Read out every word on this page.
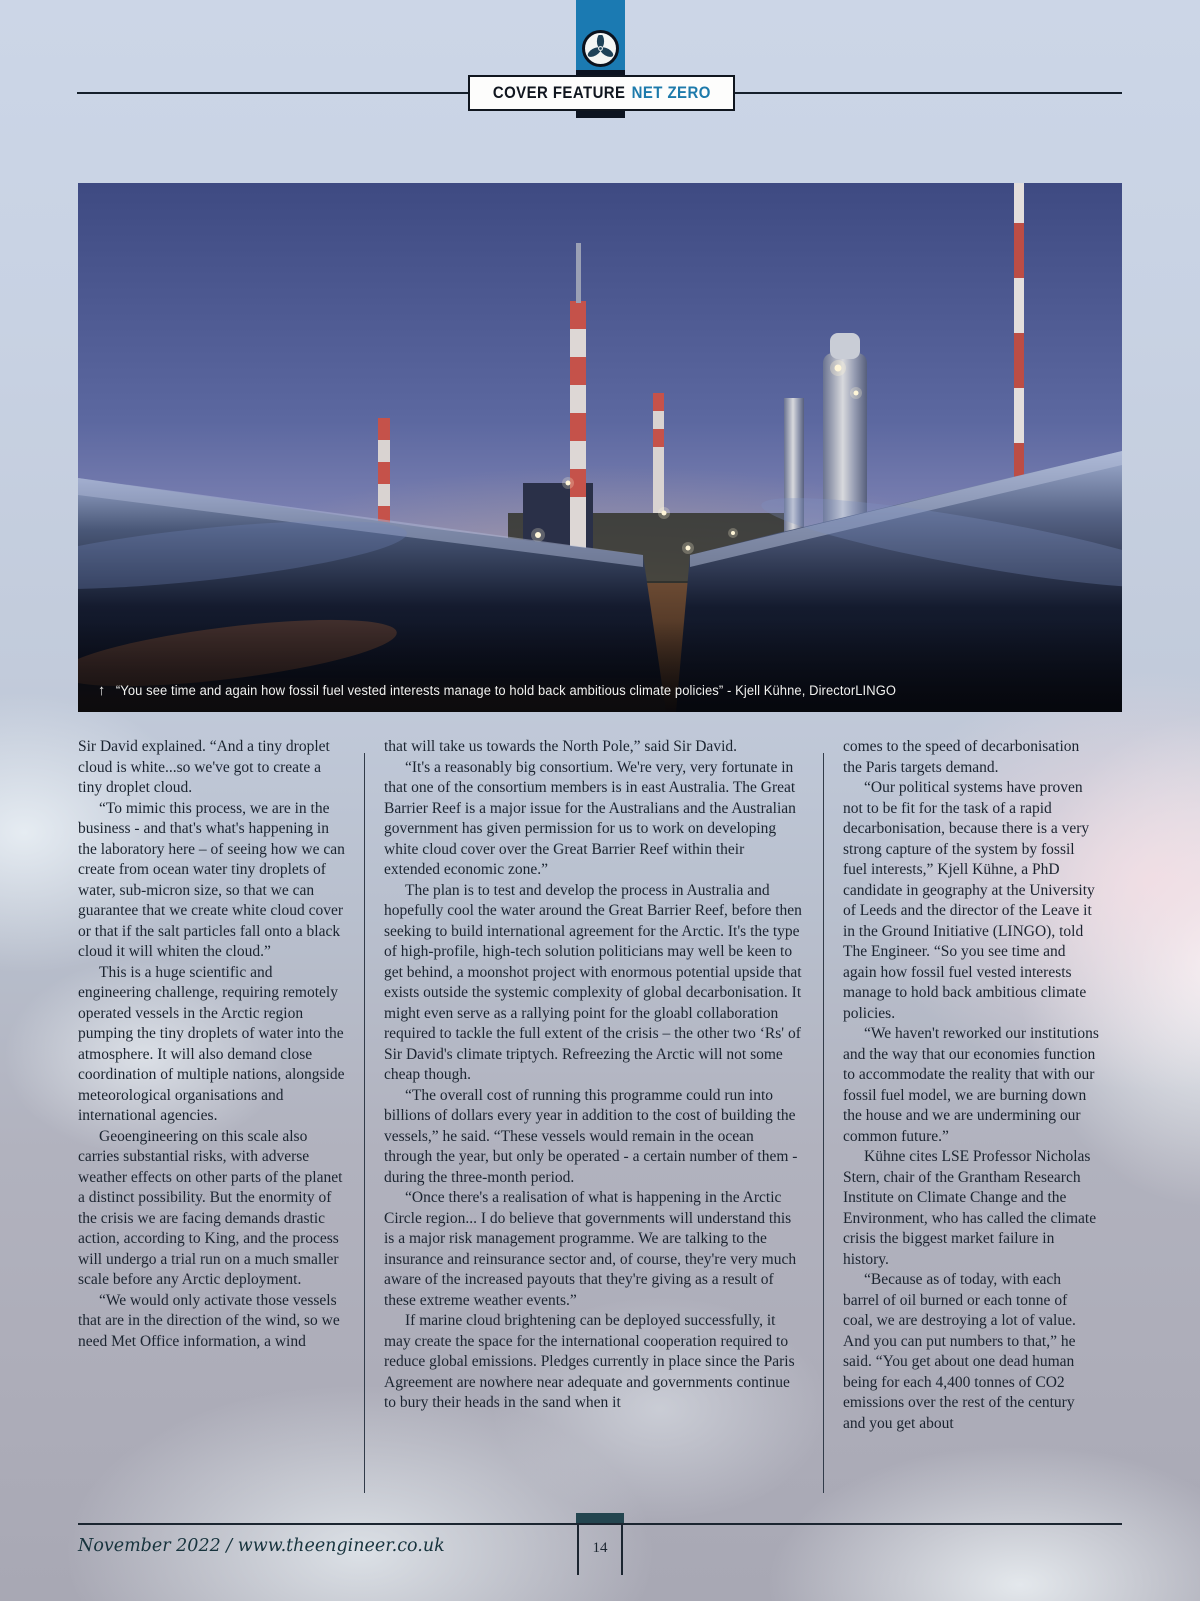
COVER FEATURE NET ZERO
↑ “You see time and again how fossil fuel vested interests manage to hold back ambitious climate policies” - Kjell Kühne, DirectorLINGO

Sir David explained. “And a tiny droplet cloud is white...so we've got to create a tiny droplet cloud.

“To mimic this process, we are in the business - and that's what's happening in the laboratory here – of seeing how we can create from ocean water tiny droplets of water, sub-micron size, so that we can guarantee that we create white cloud cover or that if the salt particles fall onto a black cloud it will whiten the cloud.”

This is a huge scientific and engineering challenge, requiring remotely operated vessels in the Arctic region pumping the tiny droplets of water into the atmosphere. It will also demand close coordination of multiple nations, alongside meteorological organisations and international agencies.

Geoengineering on this scale also carries substantial risks, with adverse weather effects on other parts of the planet a distinct possibility. But the enormity of the crisis we are facing demands drastic action, according to King, and the process will undergo a trial run on a much smaller scale before any Arctic deployment.

“We would only activate those vessels that are in the direction of the wind, so we need Met Office information, a wind

that will take us towards the North Pole,” said Sir David.

“It's a reasonably big consortium. We're very, very fortunate in that one of the consortium members is in east Australia. The Great Barrier Reef is a major issue for the Australians and the Australian government has given permission for us to work on developing white cloud cover over the Great Barrier Reef within their extended economic zone.”

The plan is to test and develop the process in Australia and hopefully cool the water around the Great Barrier Reef, before then seeking to build international agreement for the Arctic. It's the type of high-profile, high-tech solution politicians may well be keen to get behind, a moonshot project with enormous potential upside that exists outside the systemic complexity of global decarbonisation. It might even serve as a rallying point for the gloabl collaboration required to tackle the full extent of the crisis – the other two ‘Rs' of Sir David's climate triptych. Refreezing the Arctic will not some cheap though.

“The overall cost of running this programme could run into billions of dollars every year in addition to the cost of building the vessels,” he said. “These vessels would remain in the ocean through the year, but only be operated - a certain number of them - during the three-month period.

“Once there's a realisation of what is happening in the Arctic Circle region... I do believe that governments will understand this is a major risk management programme. We are talking to the insurance and reinsurance sector and, of course, they're very much aware of the increased payouts that they're giving as a result of these extreme weather events.”

If marine cloud brightening can be deployed successfully, it may create the space for the international cooperation required to reduce global emissions. Pledges currently in place since the Paris Agreement are nowhere near adequate and governments continue to bury their heads in the sand when it

comes to the speed of decarbonisation the Paris targets demand.

“Our political systems have proven not to be fit for the task of a rapid decarbonisation, because there is a very strong capture of the system by fossil fuel interests,” Kjell Kühne, a PhD candidate in geography at the University of Leeds and the director of the Leave it in the Ground Initiative (LINGO), told The Engineer. “So you see time and again how fossil fuel vested interests manage to hold back ambitious climate policies.

“We haven't reworked our institutions and the way that our economies function to accommodate the reality that with our fossil fuel model, we are burning down the house and we are undermining our common future.”

Kühne cites LSE Professor Nicholas Stern, chair of the Grantham Research Institute on Climate Change and the Environment, who has called the climate crisis the biggest market failure in history.

“Because as of today, with each barrel of oil burned or each tonne of coal, we are destroying a lot of value. And you can put numbers to that,” he said. “You get about one dead human being for each 4,400 tonnes of CO2 emissions over the rest of the century and you get about

14
November 2022 / www.theengineer.co.uk
